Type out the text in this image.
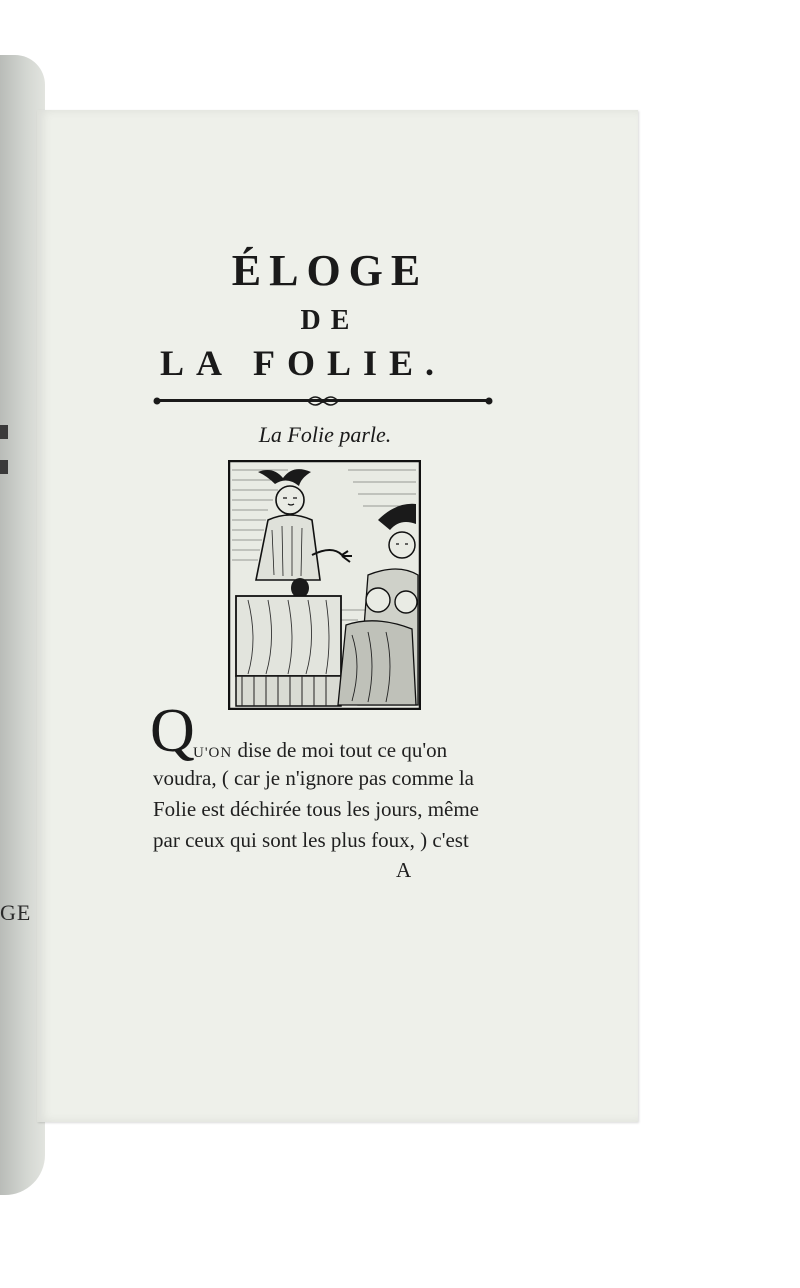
GE
ÉLOGE
DE
LA FOLIE.

La Folie parle.

Q

U'ON dise de moi tout ce qu'on

voudra, ( car je n'ignore pas comme la

Folie est déchirée tous les jours, même

par ceux qui sont les plus foux, ) c'est

A
